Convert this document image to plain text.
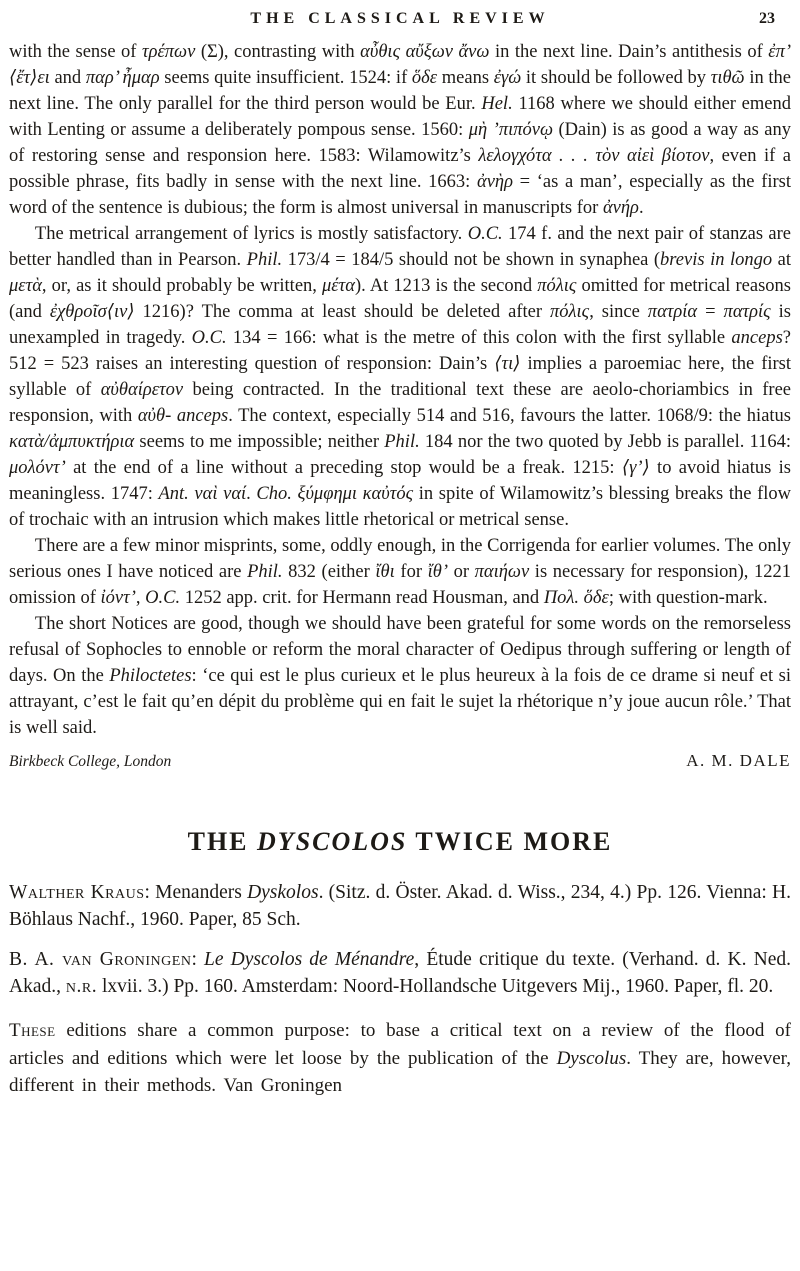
THE CLASSICAL REVIEW	23

with the sense of τρέπων (Σ), contrasting with αὖθις αὔξων ἄνω in the next line. Dain’s antithesis of ἐπ’ ⟨ἔτ⟩ει and παρ’ ἦμαρ seems quite insufficient. 1524: if ὅδε means ἐγώ it should be followed by τιθῶ in the next line. The only parallel for the third person would be Eur. Hel. 1168 where we should either emend with Lenting or assume a deliberately pompous sense. 1560: μὴ ’πιπόνῳ (Dain) is as good a way as any of restoring sense and responsion here. 1583: Wilamowitz’s λελογχότα . . . τὸν αἰεὶ βίοτον, even if a possible phrase, fits badly in sense with the next line. 1663: ἀνὴρ = ‘as a man’, especially as the first word of the sentence is dubious; the form is almost universal in manuscripts for ἀνήρ.

The metrical arrangement of lyrics is mostly satisfactory. O.C. 174 f. and the next pair of stanzas are better handled than in Pearson. Phil. 173/4 = 184/5 should not be shown in synaphea (brevis in longo at μετὰ, or, as it should probably be written, μέτα). At 1213 is the second πόλις omitted for metrical reasons (and ἐχθροῖσ⟨ιν⟩ 1216)? The comma at least should be deleted after πόλις, since πατρία = πατρίς is unexampled in tragedy. O.C. 134 = 166: what is the metre of this colon with the first syllable anceps? 512 = 523 raises an interesting question of responsion: Dain’s ⟨τι⟩ implies a paroemiac here, the first syllable of αὐθαίρετον being contracted. In the traditional text these are aeolo-choriambics in free responsion, with αὐθ- anceps. The context, especially 514 and 516, favours the latter. 1068/9: the hiatus κατὰ/ἀμπυκτήρια seems to me impossible; neither Phil. 184 nor the two quoted by Jebb is parallel. 1164: μολόντ’ at the end of a line without a preceding stop would be a freak. 1215: ⟨γ’⟩ to avoid hiatus is meaningless. 1747: Ant. ναὶ ναί. Cho. ξύμφημι καὐτός in spite of Wilamowitz’s blessing breaks the flow of trochaic with an intrusion which makes little rhetorical or metrical sense.

There are a few minor misprints, some, oddly enough, in the Corrigenda for earlier volumes. The only serious ones I have noticed are Phil. 832 (either ἴθι for ἴθ’ or παιήων is necessary for responsion), 1221 omission of ἰόντ’, O.C. 1252 app. crit. for Hermann read Housman, and Πολ. ὅδε; with question-mark.

The short Notices are good, though we should have been grateful for some words on the remorseless refusal of Sophocles to ennoble or reform the moral character of Oedipus through suffering or length of days. On the Philoctetes: ‘ce qui est le plus curieux et le plus heureux à la fois de ce drame si neuf et si attrayant, c’est le fait qu’en dépit du problème qui en fait le sujet la rhétorique n’y joue aucun rôle.’ That is well said.

Birkbeck College, London	A. M. DALE
THE DYSCOLOS TWICE MORE

Walther Kraus: Menanders Dyskolos. (Sitz. d. Öster. Akad. d. Wiss., 234, 4.) Pp. 126. Vienna: H. Böhlaus Nachf., 1960. Paper, 85 Sch.

B. A. van Groningen: Le Dyscolos de Ménandre, Étude critique du texte. (Verhand. d. K. Ned. Akad., n.r. lxvii. 3.) Pp. 160. Amsterdam: Noord-Hollandsche Uitgevers Mij., 1960. Paper, fl. 20.

These editions share a common purpose: to base a critical text on a review of the flood of articles and editions which were let loose by the publication of the Dyscolus. They are, however, different in their methods. Van Groningen
